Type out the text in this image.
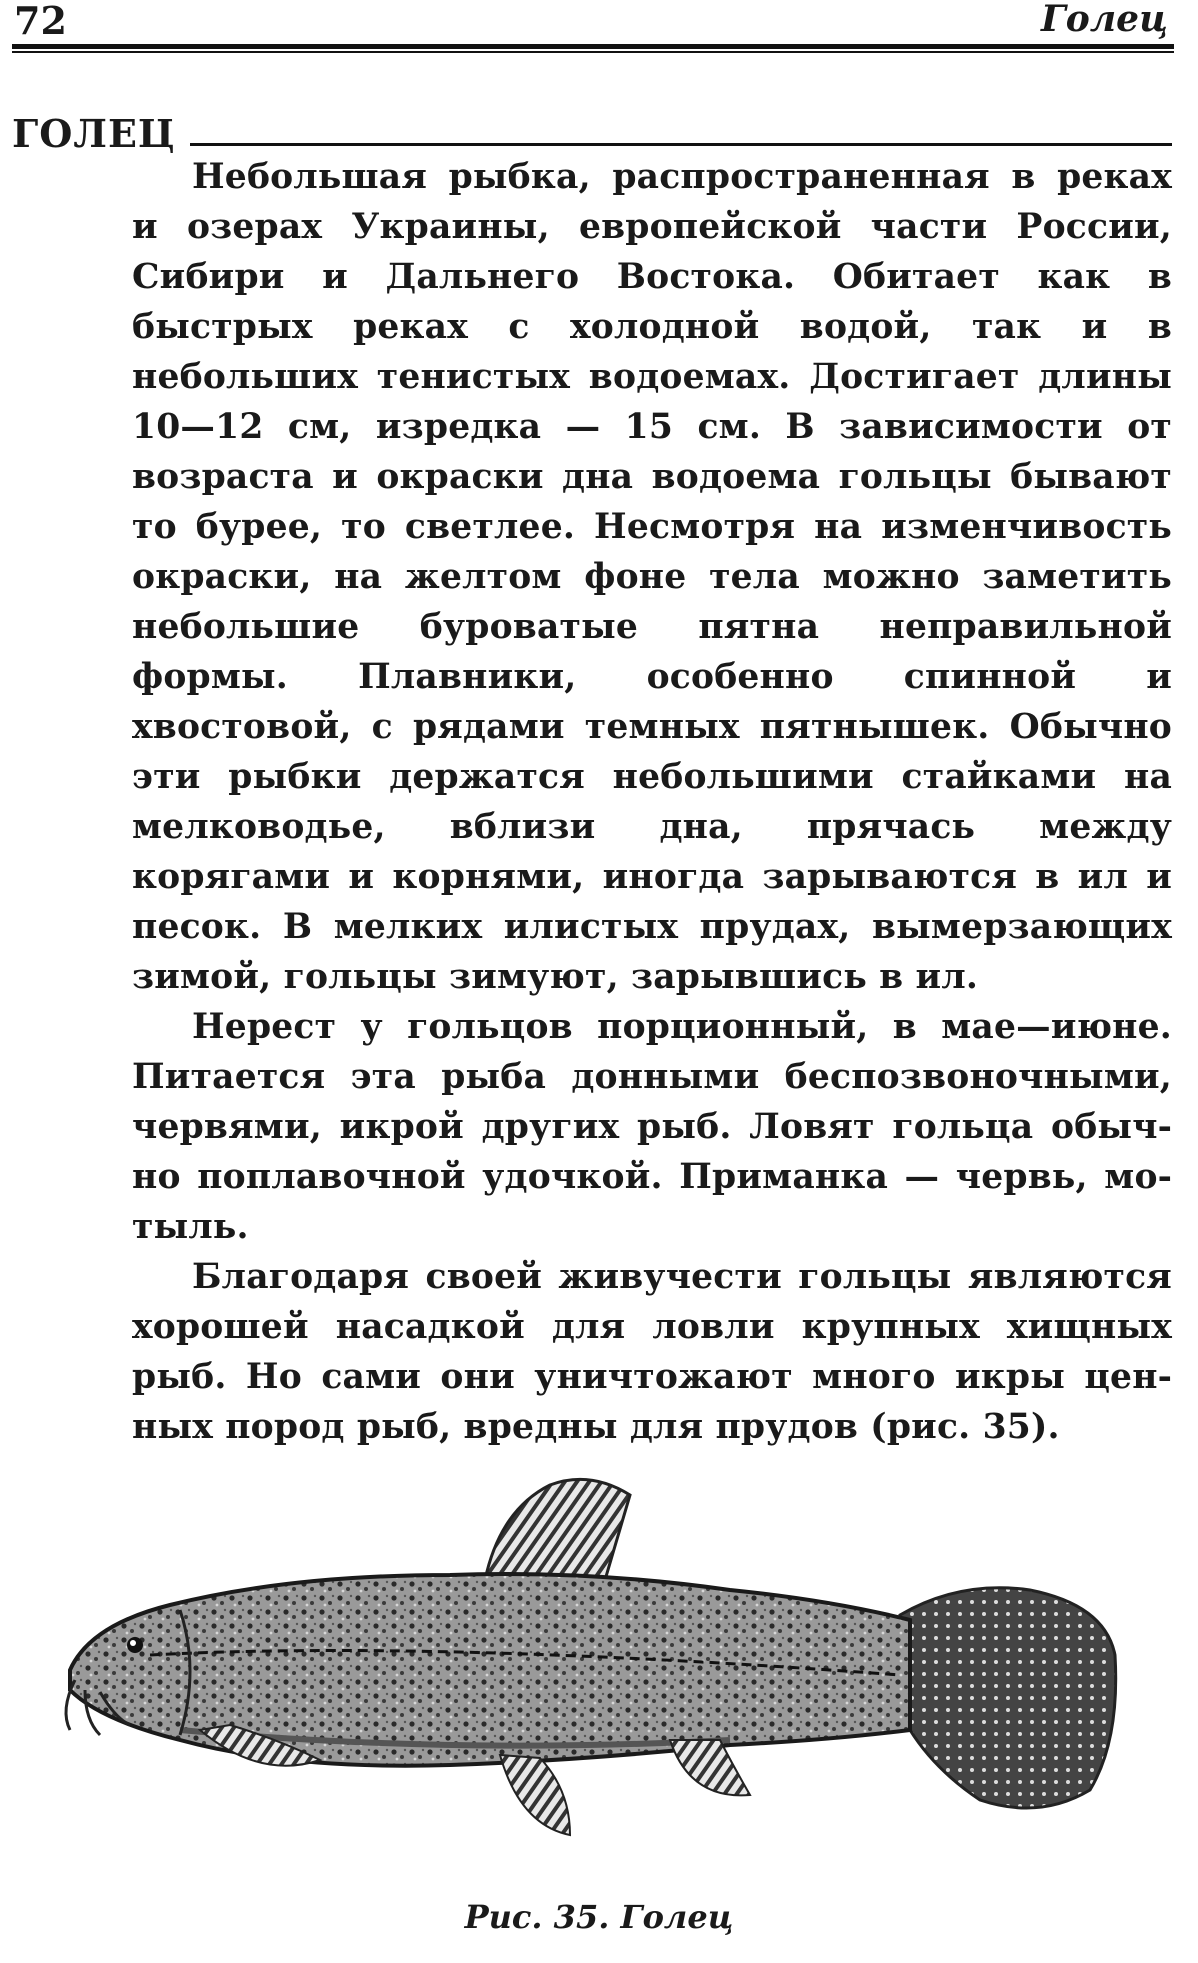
72	Голец
ГОЛЕЦ

Небольшая рыбка, распространенная в реках и озерах Украины, европейской части России, Сибири и Дальнего Востока. Обитает как в быстрых реках с холодной водой, так и в небольших тенистых водоемах. Достигает длины 10—12 см, изредка — 15 см. В зависимости от возраста и окраски дна водоема гольцы бывают то бурее, то светлее. Несмотря на изменчивость окраски, на желтом фоне тела можно заметить небольшие буроватые пятна неправильной формы. Плавники, особенно спинной и хвостовой, с рядами темных пятнышек. Обычно эти рыбки держатся небольшими стайками на мелководье, вблизи дна, прячась между корягами и корнями, иногда зарываются в ил и песок. В мелких илистых прудах, вымерзающих зимой, гольцы зимуют, зарывшись в ил.

Нерест у гольцов порционный, в мае—июне. Питается эта рыба донными беспозвоночными, червями, икрой других рыб. Ловят гольца обычно поплавочной удочкой. Приманка — червь, мотыль.

Благодаря своей живучести гольцы являются хорошей насадкой для ловли крупных хищных рыб. Но сами они уничтожают много икры ценных пород рыб, вредны для прудов (рис. 35).

Рис. 35. Голец
